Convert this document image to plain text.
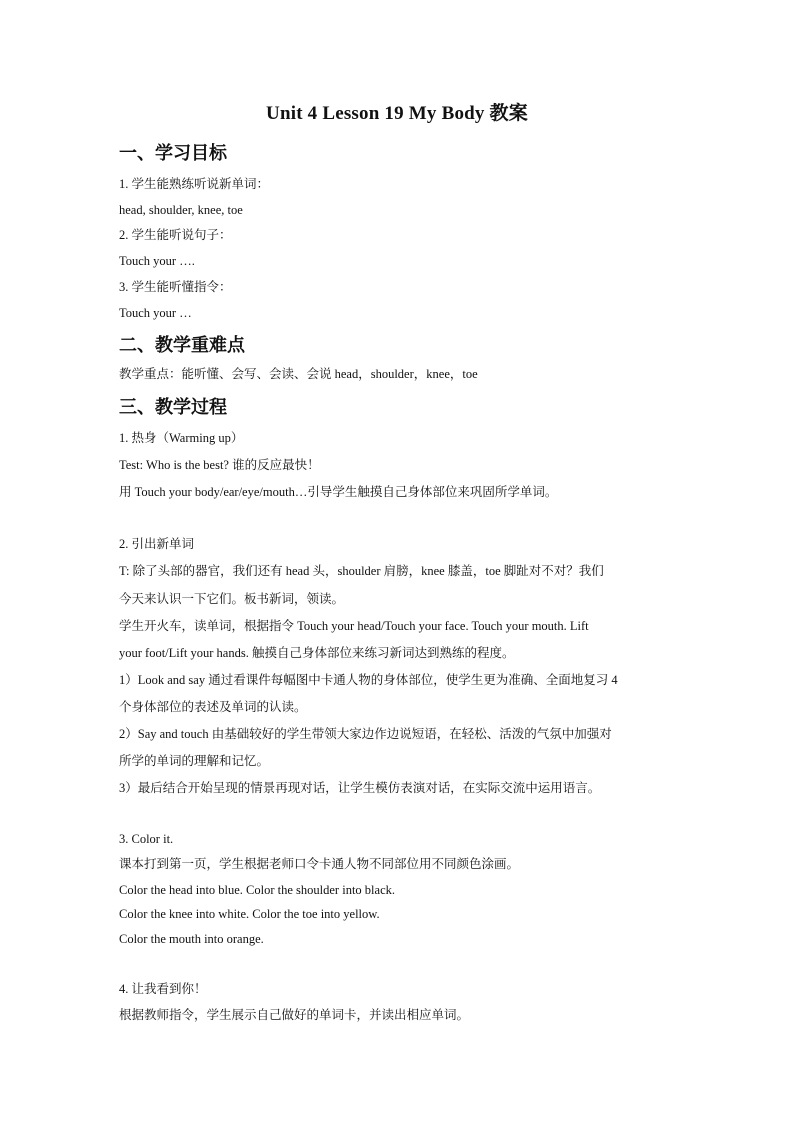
Unit 4 Lesson 19 My Body 教案
一、学习目标
1. 学生能熟练听说新单词：
head, shoulder, knee, toe
2. 学生能听说句子：
Touch your ….
3. 学生能听懂指令：
Touch your …
二、教学重难点
教学重点：能听懂、会写、会读、会说 head，shoulder，knee，toe
三、教学过程
1. 热身（Warming up）
Test: Who is the best? 谁的反应最快！
用 Touch your body/ear/eye/mouth…引导学生触摸自己身体部位来巩固所学单词。
2. 引出新单词
T: 除了头部的器官，我们还有 head 头，shoulder 肩膀，knee 膝盖，toe 脚趾对不对？我们
今天来认识一下它们。板书新词，领读。
学生开火车，读单词，根据指令 Touch your head/Touch your face. Touch your mouth. Lift
your foot/Lift your hands. 触摸自己身体部位来练习新词达到熟练的程度。
1）Look and say 通过看课件每幅图中卡通人物的身体部位，使学生更为准确、全面地复习 4
个身体部位的表述及单词的认读。
2）Say and touch 由基础较好的学生带领大家边作边说短语，在轻松、活泼的气氛中加强对
所学的单词的理解和记忆。
3）最后结合开始呈现的情景再现对话，让学生模仿表演对话，在实际交流中运用语言。
3. Color it.
课本打到第一页，学生根据老师口令卡通人物不同部位用不同颜色涂画。
Color the head into blue. Color the shoulder into black.
Color the knee into white. Color the toe into yellow.
Color the mouth into orange.
4. 让我看到你！
根据教师指令，学生展示自己做好的单词卡，并读出相应单词。
